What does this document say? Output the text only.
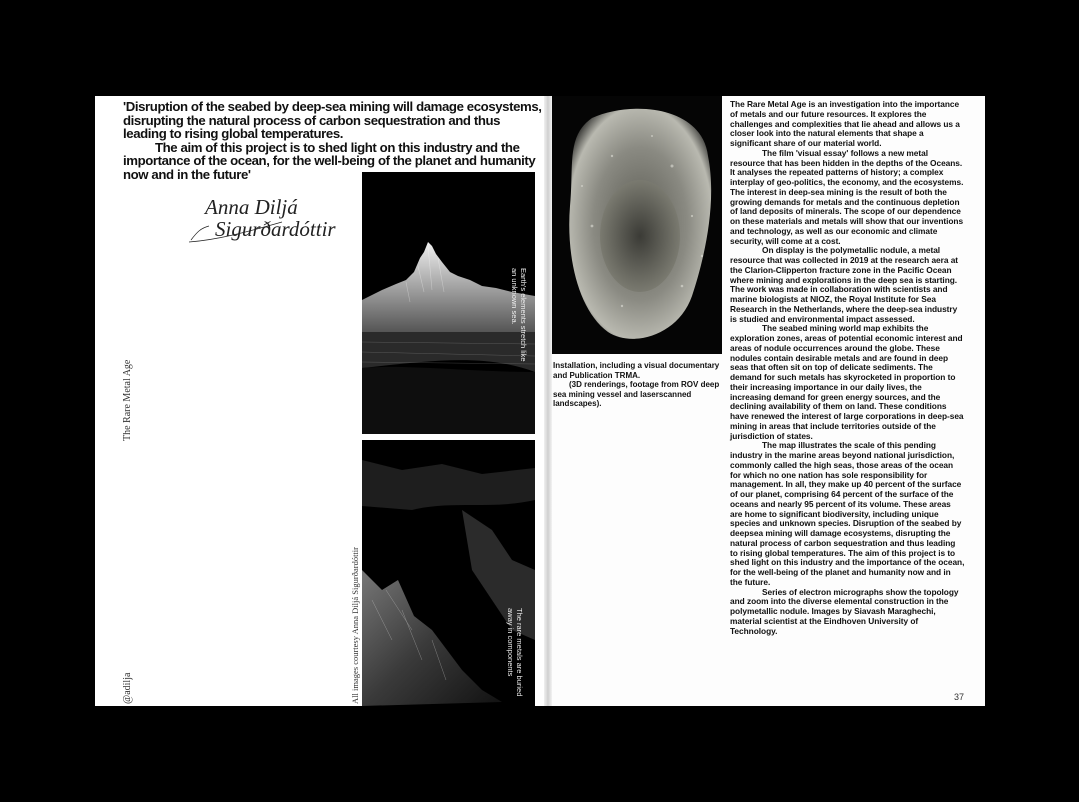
'Disruption of the seabed by deep-sea mining will damage ecosystems, disrupting the natural process of carbon sequestration and thus leading to rising global temperatures.

The aim of this project is to shed light on this industry and the importance of the ocean, for the well-being of the planet and humanity now and in the future'

Anna Diljá
Sigurðardóttir
The Rare Metal Age
@adilja	All images courtesy Anna Diljá Sigurðardóttir
Earth's elements stretch like
an unknown sea.
The rare metals are buried
away in components

Installation, including a visual documentary and Publication TRMA.

(3D renderings, footage from ROV deep sea mining vessel and laserscanned landscapes).

The Rare Metal Age is an investigation into the importance of metals and our future resources. It explores the challenges and complexities that lie ahead and allows us a closer look into the natural elements that shape a significant share of our material world.

The film 'visual essay' follows a new metal resource that has been hidden in the depths of the Oceans. It analyses the repeated patterns of history; a complex interplay of geo-politics, the economy, and the ecosystems. The interest in deep-sea mining is the result of both the growing demands for metals and the continuous depletion of land deposits of minerals. The scope of our dependence on these materials and metals will show that our inventions and technology, as well as our economic and climate security, will come at a cost.

On display is the polymetallic nodule, a metal resource that was collected in 2019 at the research aera at the Clarion-Clipperton fracture zone in the Pacific Ocean where mining and explorations in the deep sea is starting. The work was made in collaboration with scientists and marine biologists at NIOZ, the Royal Institute for Sea Research in the Netherlands, where the deep-sea industry is studied and environmental impact assessed.

The seabed mining world map exhibits the exploration zones, areas of potential economic interest and areas of nodule occurrences around the globe. These nodules contain desirable metals and are found in deep seas that often sit on top of delicate sediments. The demand for such metals has skyrocketed in proportion to their increasing importance in our daily lives, the increasing demand for green energy sources, and the declining availability of them on land. These conditions have renewed the interest of large corporations in deep-sea mining in areas that include territories outside of the jurisdiction of states.

The map illustrates the scale of this pending industry in the marine areas beyond national jurisdiction, commonly called the high seas, those areas of the ocean for which no one nation has sole responsibility for management. In all, they make up 40 percent of the surface of our planet, comprising 64 percent of the surface of the oceans and nearly 95 percent of its volume. These areas are home to significant biodiversity, including unique species and unknown species. Disruption of the seabed by deepsea mining will damage ecosystems, disrupting the natural process of carbon sequestration and thus leading to rising global temperatures. The aim of this project is to shed light on this industry and the importance of the ocean, for the well-being of the planet and humanity now and in the future.

Series of electron micrographs show the topology and zoom into the diverse elemental construction in the polymetallic nodule. Images by Siavash Maraghechi, material scientist at the Eindhoven University of Technology.

37
